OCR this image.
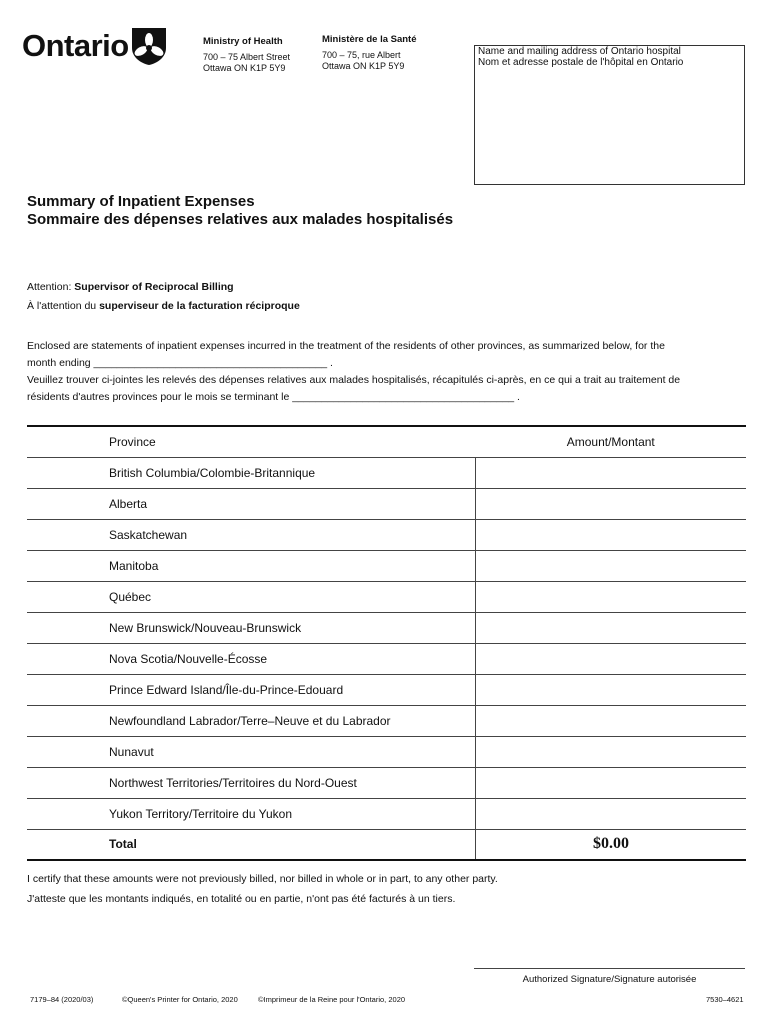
Ontario	Ministry of Health
700 – 75 Albert Street
Ottawa ON K1P 5Y9
Ministère de la Santé
700 – 75, rue Albert
Ottawa ON K1P 5Y9
Name and mailing address of Ontario hospital
Nom et adresse postale de l'hôpital en Ontario
Summary of Inpatient Expenses
Sommaire des dépenses relatives aux malades hospitalisés
Attention: Supervisor of Reciprocal Billing
À l'attention du superviseur de la facturation réciproque
Enclosed are statements of inpatient expenses incurred in the treatment of the residents of other provinces, as summarized below, for the
month ending ________________________________________ .
Veuillez trouver ci-jointes les relevés des dépenses relatives aux malades hospitalisés, récapitulés ci-après, en ce qui a trait au traitement de
résidents d'autres provinces pour le mois se terminant le ______________________________________ .
Province	Amount/Montant
British Columbia/Colombie-Britannique	
Alberta	
Saskatchewan	
Manitoba	
Québec	
New Brunswick/Nouveau-Brunswick	
Nova Scotia/Nouvelle-Écosse	
Prince Edward Island/Île-du-Prince-Edouard	
Newfoundland Labrador/Terre–Neuve et du Labrador	
Nunavut	
Northwest Territories/Territoires du Nord-Ouest	
Yukon Territory/Territoire du Yukon	
Total	$0.00
I certify that these amounts were not previously billed, nor billed in whole or in part, to any other party.
J'atteste que les montants indiqués, en totalité ou en partie, n'ont pas été facturés à un tiers.
Authorized Signature/Signature autorisée
7179–84 (2020/03)	©Queen's Printer for Ontario, 2020	©Imprimeur de la Reine pour l'Ontario, 2020	7530–4621
